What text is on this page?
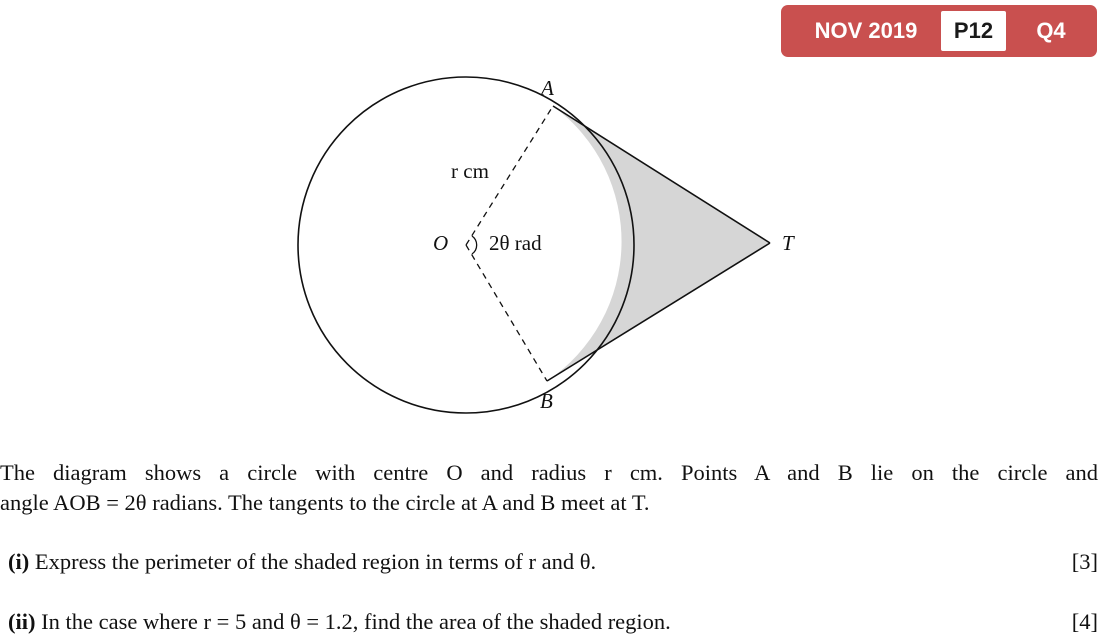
NOV 2019	P12	Q4
A
B
O	T
r cm
2θ rad
The diagram shows a circle with centre O and radius r cm. Points A and B lie on the circle and
angle AOB = 2θ radians. The tangents to the circle at A and B meet at T.
(i) Express the perimeter of the shaded region in terms of r and θ.	[3]
(ii) In the case where r = 5 and θ = 1.2, find the area of the shaded region.	[4]
